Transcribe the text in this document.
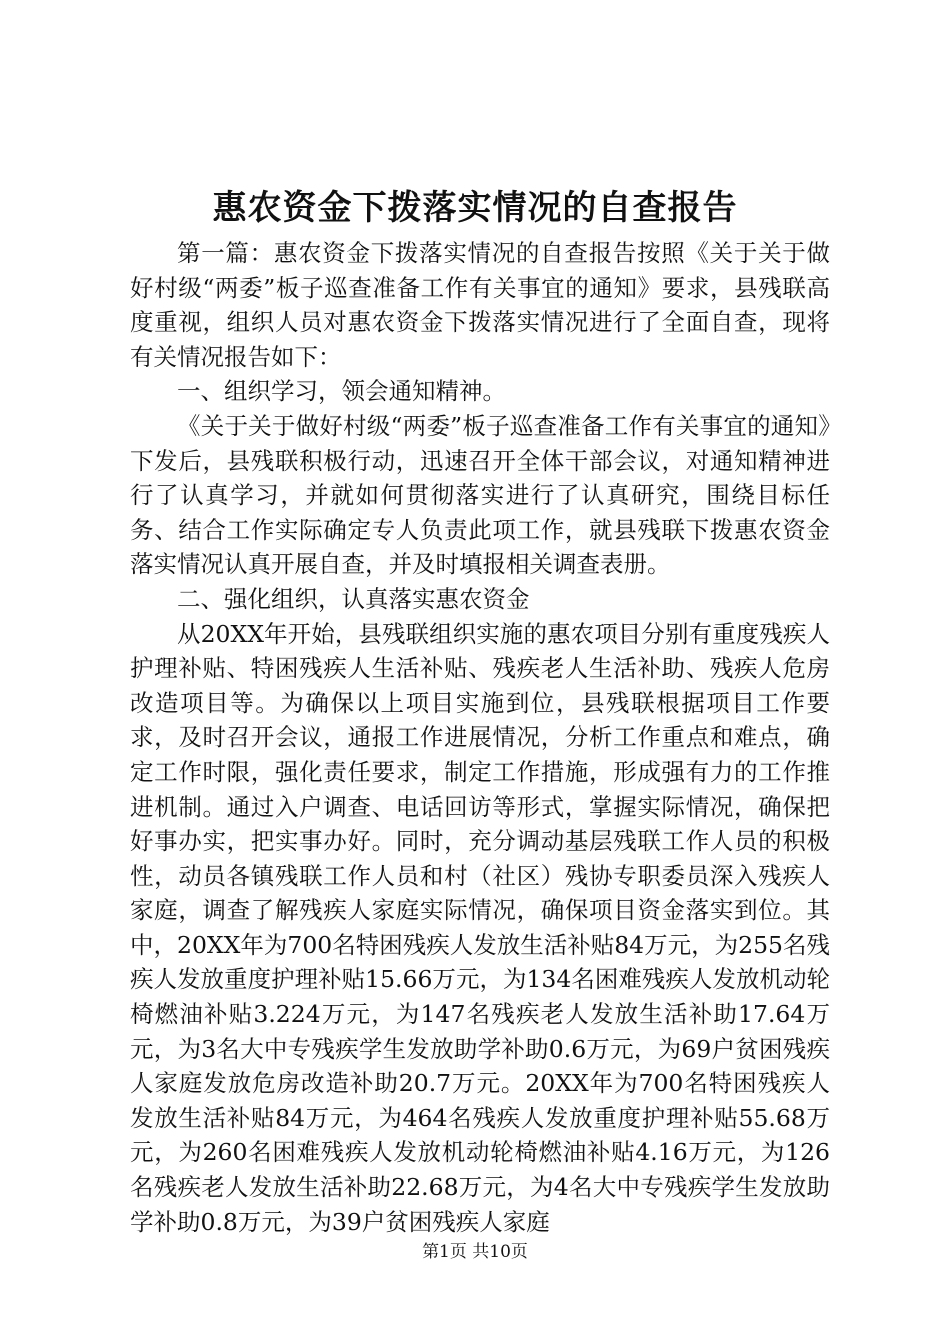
惠农资金下拨落实情况的自查报告

第一篇：惠农资金下拨落实情况的自查报告按照《关于关于做好村级“两委”板子巡查准备工作有关事宜的通知》要求，县残联高度重视，组织人员对惠农资金下拨落实情况进行了全面自查，现将有关情况报告如下：

一、组织学习，领会通知精神。

《关于关于做好村级“两委”板子巡查准备工作有关事宜的通知》下发后，县残联积极行动，迅速召开全体干部会议，对通知精神进行了认真学习，并就如何贯彻落实进行了认真研究，围绕目标任务、结合工作实际确定专人负责此项工作，就县残联下拨惠农资金落实情况认真开展自查，并及时填报相关调查表册。

二、强化组织，认真落实惠农资金

从20XX年开始，县残联组织实施的惠农项目分别有重度残疾人护理补贴、特困残疾人生活补贴、残疾老人生活补助、残疾人危房改造项目等。为确保以上项目实施到位，县残联根据项目工作要求，及时召开会议，通报工作进展情况，分析工作重点和难点，确定工作时限，强化责任要求，制定工作措施，形成强有力的工作推进机制。通过入户调查、电话回访等形式，掌握实际情况，确保把好事办实，把实事办好。同时，充分调动基层残联工作人员的积极性，动员各镇残联工作人员和村（社区）残协专职委员深入残疾人家庭，调查了解残疾人家庭实际情况，确保项目资金落实到位。其中，20XX年为700名特困残疾人发放生活补贴84万元，为255名残疾人发放重度护理补贴15.66万元，为134名困难残疾人发放机动轮椅燃油补贴3.224万元，为147名残疾老人发放生活补助17.64万元，为3名大中专残疾学生发放助学补助0.6万元，为69户贫困残疾人家庭发放危房改造补助20.7万元。20XX年为700名特困残疾人发放生活补贴84万元，为464名残疾人发放重度护理补贴55.68万元，为260名困难残疾人发放机动轮椅燃油补贴4.16万元，为126名残疾老人发放生活补助22.68万元，为4名大中专残疾学生发放助学补助0.8万元，为39户贫困残疾人家庭

第1页 共10页
